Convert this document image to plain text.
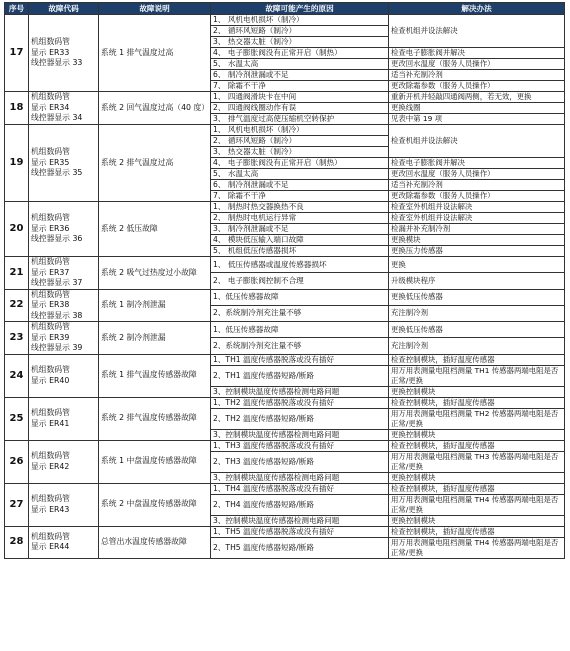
序号	故障代码	故障说明	故障可能产生的原因	解决办法
17	机组数码管
显示 ER33
线控器显示 33	系统 1 排气温度过高	1、 风机电机损坏（制冷）	检查机组并设法解决
			2、 循环风短路（制冷）	
			3、 热交器太脏（制冷）	
			4、 电子膨胀阀没有正常开启（制热）	检查电子膨胀阀并解决
			5、 水温太高	更改回水温度（服务人员操作）
			6、 制冷剂泄漏或不足	适当补充制冷剂
			7、 除霜不干净	更改除霜参数（服务人员操作）
18	机组数码管
显示 ER34
线控器显示 34	系统 2 回气温度过高（40 度）	1、 四通阀滑块卡在中间	重新开机并轻敲四通阀两侧，若无效，更换
			2、 四通阀线圈动作有误	更换线圈
			3、 排气温度过高使压缩机空转保护	见表中第 19 项
19	机组数码管
显示 ER35
线控器显示 35	系统 2 排气温度过高	1、 风机电机损坏（制冷）	检查机组并设法解决
			2、 循环风短路（制冷）	
			3、 热交器太脏（制冷）	
			4、 电子膨胀阀没有正常开启（制热）	检查电子膨胀阀并解决
			5、 水温太高	更改回水温度（服务人员操作）
			6、 制冷剂泄漏或不足	适当补充制冷剂
			7、 除霜不干净	更改除霜参数（服务人员操作）
20	机组数码管
显示 ER36
线控器显示 36	系统 2 低压故障	1、 制热时热交器换热不良	检查室外机组并设法解决
			2、 制热时电机运行异常	检查室外机组并设法解决
			3、 制冷剂泄漏或不足	检漏并补充制冷剂
			4、 模块低压输入端口故障	更换模块
			5、 机组低压传感器损坏	更换压力传感器
21	机组数码管
显示 ER37
线控器显示 37	系统 2 吸气过热度过小故障	1、 低压传感器或温度传感器损坏	更换
			2、 电子膨胀阀控制不合理	升级模块程序
22	机组数码管
显示 ER38
线控器显示 38	系统 1 制冷剂泄漏	1、低压传感器故障	更换低压传感器
			2、系统制冷剂充注量不够	充注制冷剂
23	机组数码管
显示 ER39
线控器显示 39	系统 2 制冷剂泄漏	1、低压传感器故障	更换低压传感器
			2、系统制冷剂充注量不够	充注制冷剂
24	机组数码管
显示 ER40	系统 1 排气温度传感器故障	1、TH1 温度传感器脱落或没有插好	检查控制模块，插好温度传感器
			2、TH1 温度传感器短路/断路	用万用表测量电阻档测量 TH1 传感器两端电阻是否正常/更换
			3、控制模块温度传感器检测电路问题	更换控制模块
25	机组数码管
显示 ER41	系统 2 排气温度传感器故障	1、TH2 温度传感器脱落或没有插好	检查控制模块，插好温度传感器
			2、TH2 温度传感器短路/断路	用万用表测量电阻档测量 TH2 传感器两端电阻是否正常/更换
			3、控制模块温度传感器检测电路问题	更换控制模块
26	机组数码管
显示 ER42	系统 1 中盘温度传感器故障	1、TH3 温度传感器脱落或没有插好	检查控制模块，插好温度传感器
			2、TH3 温度传感器短路/断路	用万用表测量电阻档测量 TH3 传感器两端电阻是否正常/更换
			3、控制模块温度传感器检测电路问题	更换控制模块
27	机组数码管
显示 ER43	系统 2 中盘温度传感器故障	1、TH4 温度传感器脱落或没有插好	检查控制模块，插好温度传感器
			2、TH4 温度传感器短路/断路	用万用表测量电阻档测量 TH4 传感器两端电阻是否正常/更换
			3、控制模块温度传感器检测电路问题	更换控制模块
28	机组数码管
显示 ER44	总管出水温度传感器故障	1、TH5 温度传感器脱落或没有插好	检查控制模块，插好温度传感器
			2、TH5 温度传感器短路/断路	用万用表测量电阻档测量 TH4 传感器两端电阻是否正常/更换
